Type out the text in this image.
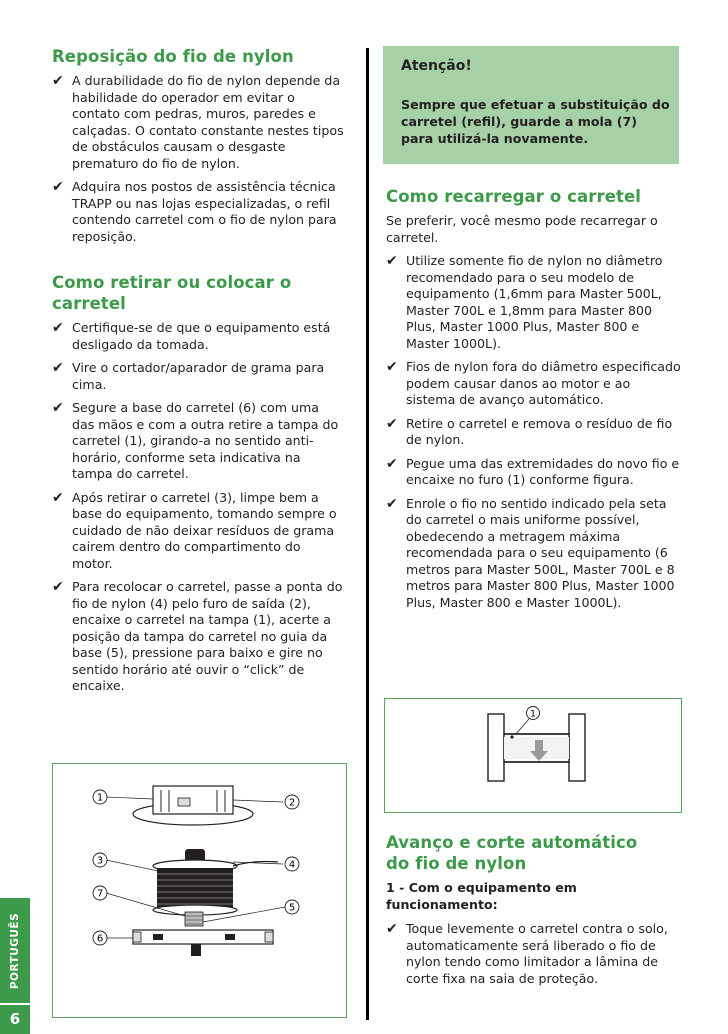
Reposição do fio de nylon
✔ A durabilidade do fio de nylon depende da habilidade do operador em evitar o contato com pedras, muros, paredes e calçadas. O contato constante nestes tipos de obstáculos causam o desgaste prematuro do fio de nylon.
✔ Adquira nos postos de assistência técnica TRAPP ou nas lojas especializadas, o refil contendo carretel com o fio de nylon para reposição.
Como retirar ou colocar o carretel
✔ Certifique-se de que o equipamento está desligado da tomada.
✔ Vire o cortador/aparador de grama para cima.
✔ Segure a base do carretel (6) com uma das mãos e com a outra retire a tampa do carretel (1), girando-a no sentido anti-horário, conforme seta indicativa na tampa do carretel.
✔ Após retirar o carretel (3), limpe bem a base do equipamento, tomando sempre o cuidado de não deixar resíduos de grama cairem dentro do compartimento do motor.
✔ Para recolocar o carretel, passe a ponta do fio de nylon (4) pelo furo de saída (2), encaixe o carretel na tampa (1), acerte a posição da tampa do carretel no guia da base (5), pressione para baixo e gire no sentido horário até ouvir o “click” de encaixe.
Atenção!
Sempre que efetuar a substituição do carretel (refil), guarde a mola (7) para utilizá-la novamente.
Como recarregar o carretel

Se preferir, você mesmo pode recarregar o carretel.

✔ Utilize somente fio de nylon no diâmetro recomendado para o seu modelo de equipamento (1,6mm para Master 500L, Master 700L e 1,8mm para Master 800 Plus, Master 1000 Plus, Master 800 e Master 1000L).
✔ Fios de nylon fora do diâmetro especificado podem causar danos ao motor e ao sistema de avanço automático.
✔ Retire o carretel e remova o resíduo de fio de nylon.
✔ Pegue uma das extremidades do novo fio e encaixe no furo (1) conforme figura.
✔ Enrole o fio no sentido indicado pela seta do carretel o mais uniforme possível, obedecendo a metragem máxima recomendada para o seu equipamento (6 metros para Master 500L, Master 700L e 8 metros para Master 800 Plus, Master 1000 Plus, Master 800 e Master 1000L).
1
Avanço e corte automático
do fio de nylon
1 - Com o equipamento em funcionamento:
✔ Toque levemente o carretel contra o solo, automaticamente será liberado o fio de nylon tendo como limitador a lâmina de corte fixa na saia de proteção.
1	2
3	4
7
5
6
PORTUGUÊS
6
